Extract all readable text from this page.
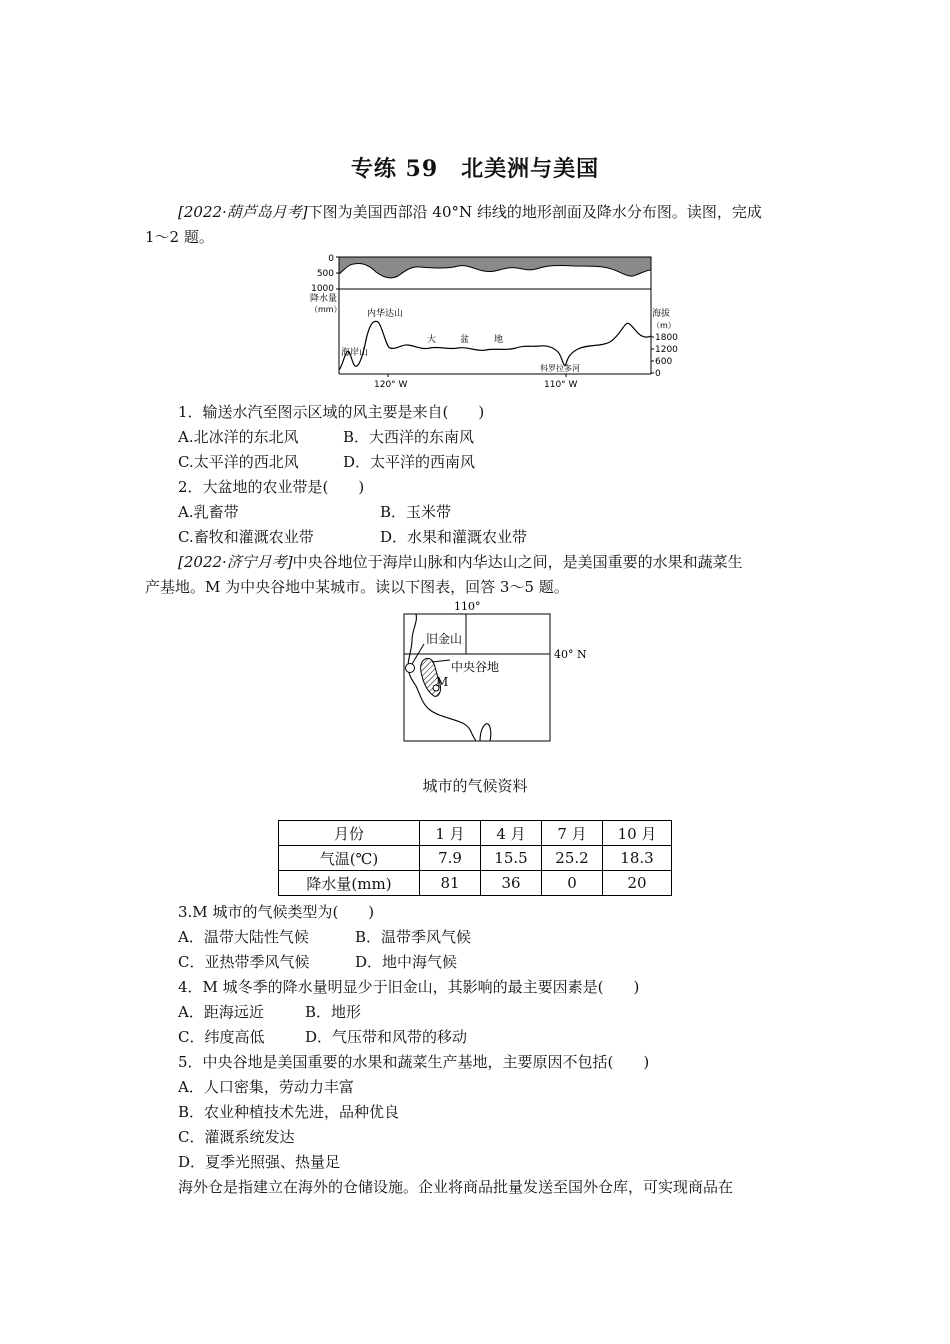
专练 59　北美洲与美国
[2022·葫芦岛月考]下图为美国西部沿 40°N 纬线的地形剖面及降水分布图。读图，完成
1～2 题。
0
500
1000
降水量
（mm）	海拔
（m）
1800
1200
600
0
海岸山
内华达山
大	盆	地
科罗拉多河
120° W	110° W
1．输送水汽至图示区域的风主要是来自(　　)
A.北冰洋的东北风	B．大西洋的东南风
C.太平洋的西北风	D．太平洋的西南风
2．大盆地的农业带是(　　)
A.乳畜带	B．玉米带
C.畜牧和灌溉农业带	D．水果和灌溉农业带
[2022·济宁月考]中央谷地位于海岸山脉和内华达山之间，是美国重要的水果和蔬菜生
产基地。M 为中央谷地中某城市。读以下图表，回答 3～5 题。
110°
40° N
旧金山
中央谷地
M
城市的气候资料
月份	1 月	4 月	7 月	10 月
气温(℃)	7.9	15.5	25.2	18.3
降水量(mm)	81	36	0	20
3.M 城市的气候类型为(　　)
A．温带大陆性气候	B．温带季风气候
C．亚热带季风气候	D．地中海气候
4．M 城冬季的降水量明显少于旧金山，其影响的最主要因素是(　　)
A．距海远近	B．地形
C．纬度高低	D．气压带和风带的移动
5．中央谷地是美国重要的水果和蔬菜生产基地，主要原因不包括(　　)
A．人口密集，劳动力丰富
B．农业种植技术先进，品种优良
C．灌溉系统发达
D．夏季光照强、热量足
海外仓是指建立在海外的仓储设施。企业将商品批量发送至国外仓库，可实现商品在
